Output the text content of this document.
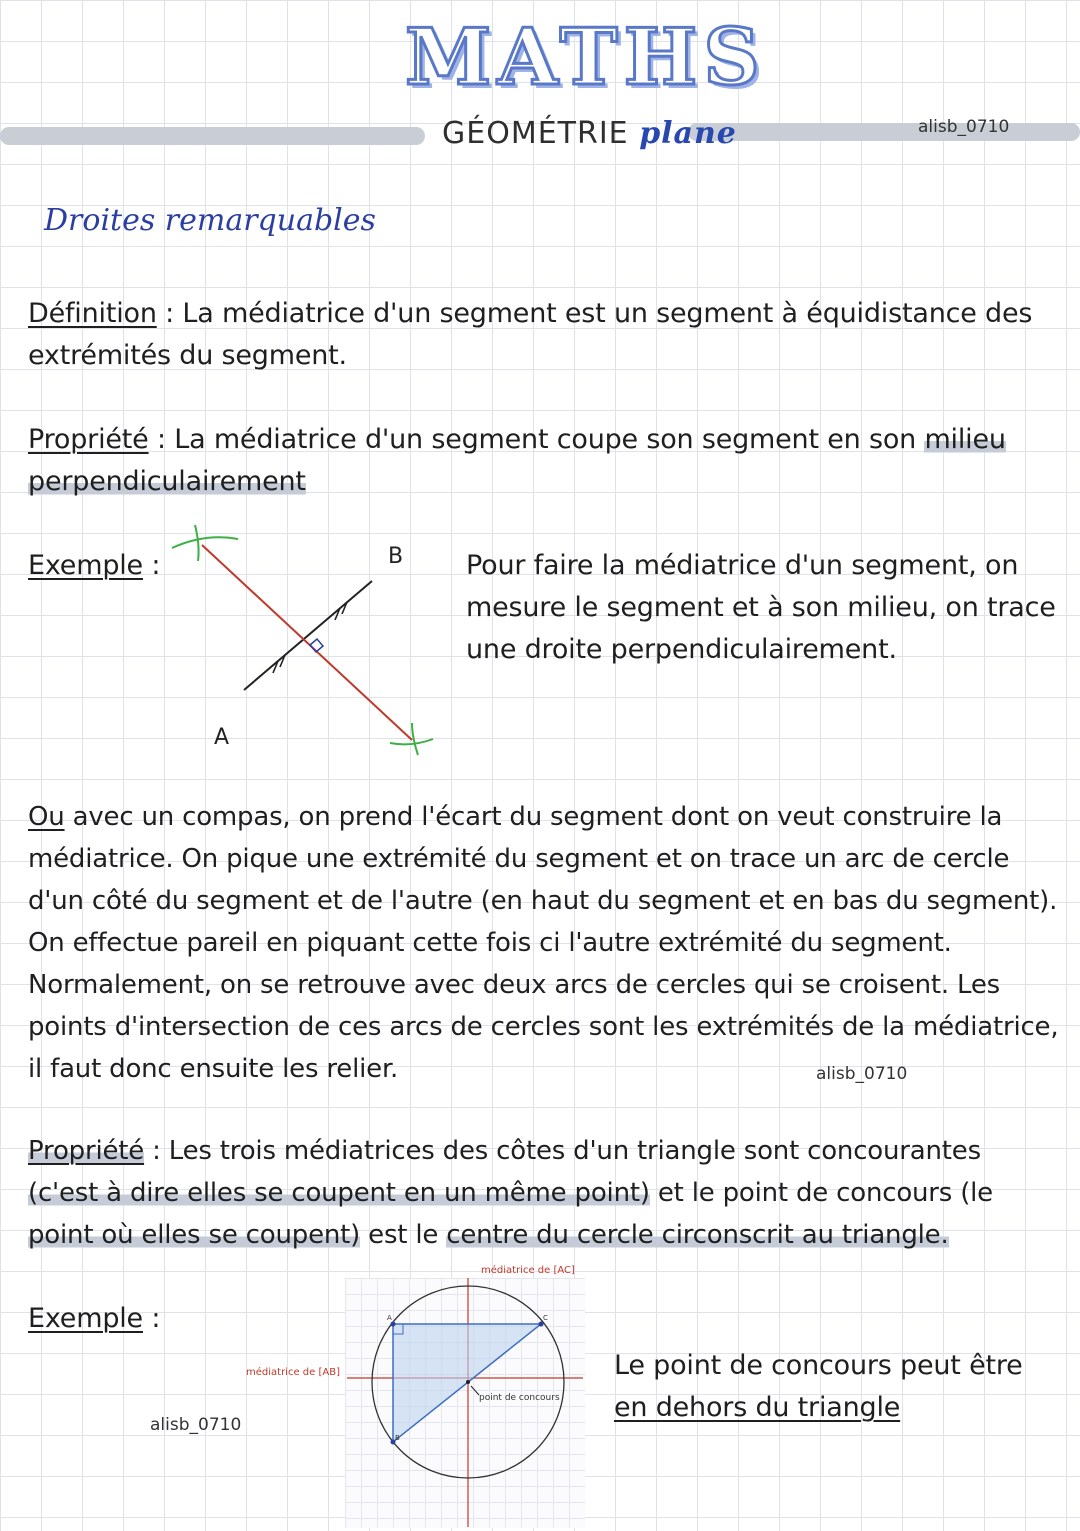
MATHS
GÉOMÉTRIE plane	alisb_0710
Droites remarquables
Définition : La médiatrice d'un segment est un segment à équidistance des
extrémités du segment.
Propriété : La médiatrice d'un segment coupe son segment en son milieu
perpendiculairement
Exemple :	B
A
Pour faire la médiatrice d'un segment, on
mesure le segment et à son milieu, on trace
une droite perpendiculairement.
Ou avec un compas, on prend l'écart du segment dont on veut construire la
médiatrice. On pique une extrémité du segment et on trace un arc de cercle
d'un côté du segment et de l'autre (en haut du segment et en bas du segment).
On effectue pareil en piquant cette fois ci l'autre extrémité du segment.
Normalement, on se retrouve avec deux arcs de cercles qui se croisent. Les
points d'intersection de ces arcs de cercles sont les extrémités de la médiatrice,
il faut donc ensuite les relier.	alisb_0710
Propriété : Les trois médiatrices des côtes d'un triangle sont concourantes
(c'est à dire elles se coupent en un même point) et le point de concours (le
point où elles se coupent) est le centre du cercle circonscrit au triangle.
Exemple :
médiatrice de [AC]
A	C
B
point de concours
médiatrice de [AB]	Le point de concours peut être
en dehors du triangle
alisb_0710
